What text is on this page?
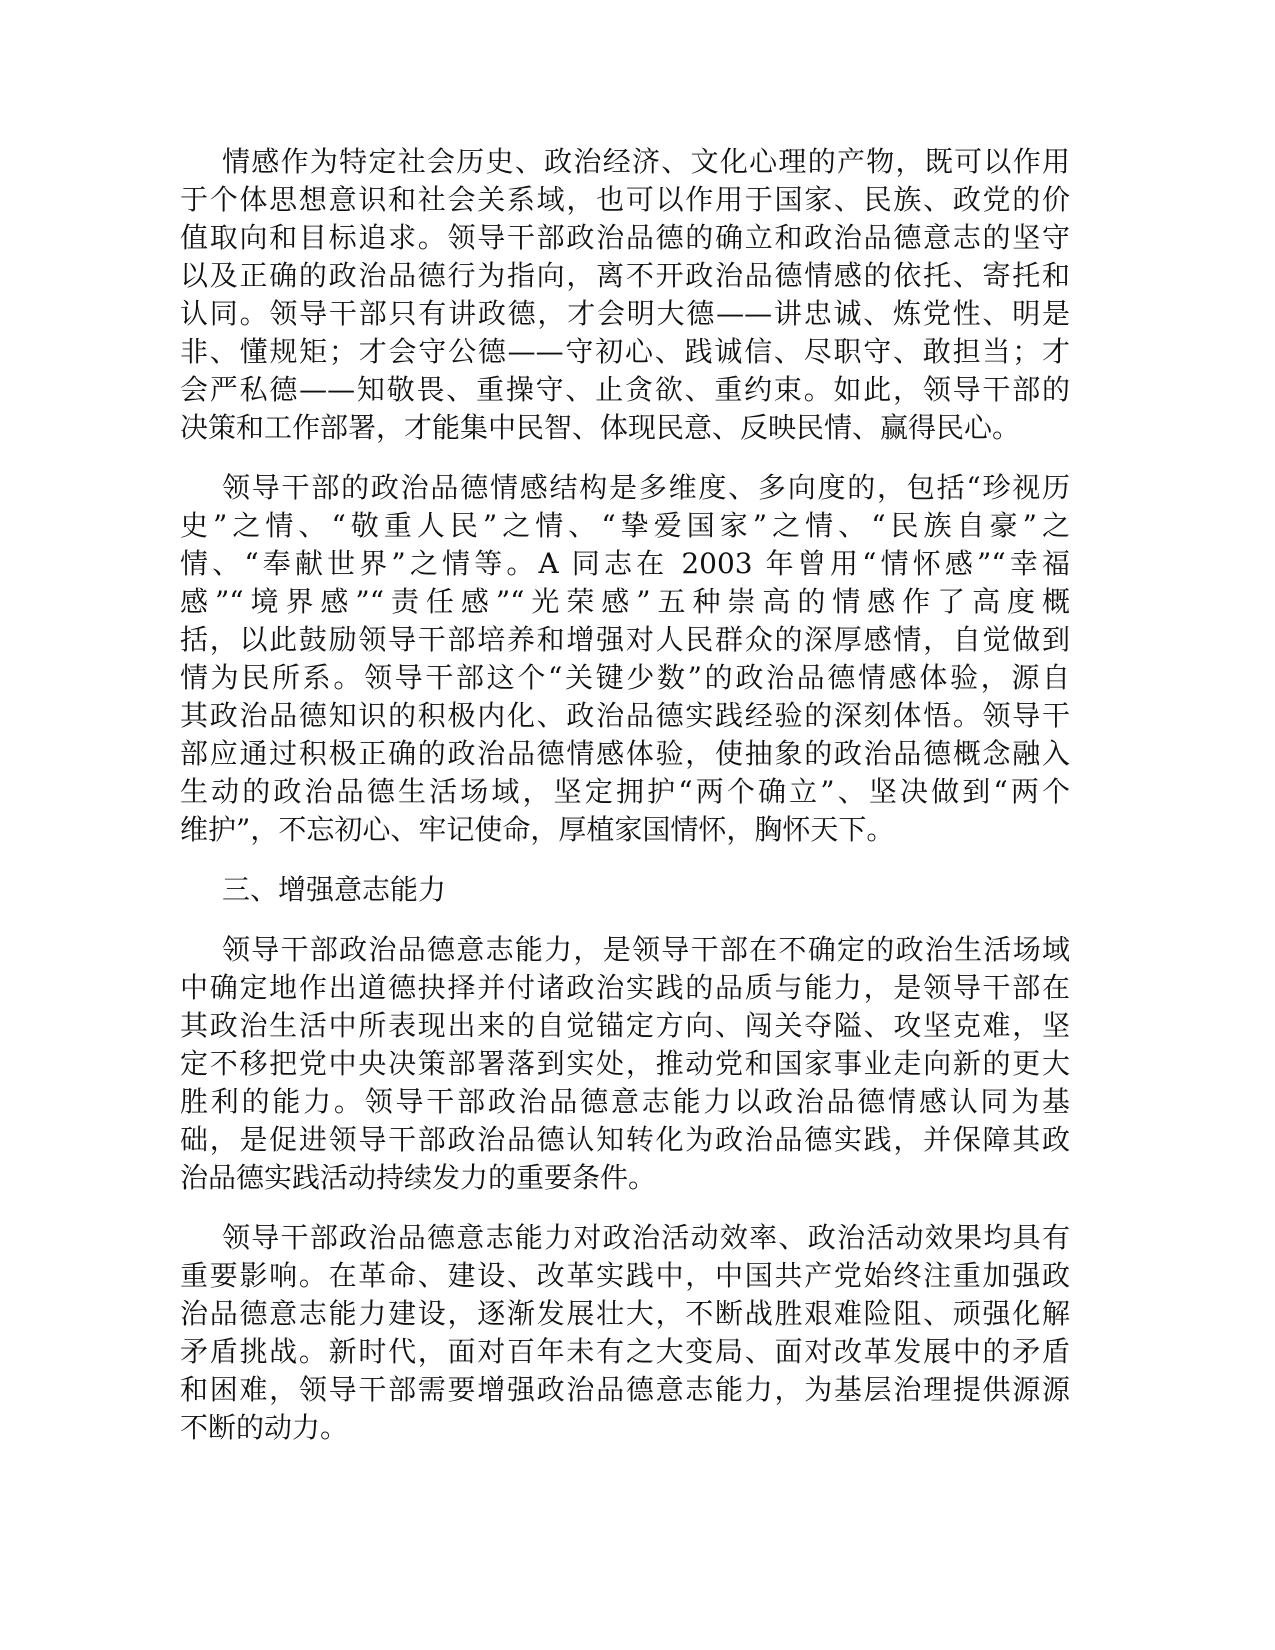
情感作为特定社会历史、政治经济、文化心理的产物，既可以作用
于个体思想意识和社会关系域，也可以作用于国家、民族、政党的价
值取向和目标追求。领导干部政治品德的确立和政治品德意志的坚守
以及正确的政治品德行为指向，离不开政治品德情感的依托、寄托和
认同。领导干部只有讲政德，才会明大德——讲忠诚、炼党性、明是
非、懂规矩；才会守公德——守初心、践诚信、尽职守、敢担当；才
会严私德——知敬畏、重操守、止贪欲、重约束。如此，领导干部的
决策和工作部署，才能集中民智、体现民意、反映民情、赢得民心。
领导干部的政治品德情感结构是多维度、多向度的，包括“珍视历
史”之情、“敬重人民”之情、“挚爱国家”之情、“民族自豪”之
情、“奉献世界”之情等。A 同志在 2003 年曾用“情怀感”“幸福
感”“境界感”“责任感”“光荣感”五种崇高的情感作了高度概
括，以此鼓励领导干部培养和增强对人民群众的深厚感情，自觉做到
情为民所系。领导干部这个“关键少数”的政治品德情感体验，源自
其政治品德知识的积极内化、政治品德实践经验的深刻体悟。领导干
部应通过积极正确的政治品德情感体验，使抽象的政治品德概念融入
生动的政治品德生活场域，坚定拥护“两个确立”、坚决做到“两个
维护”，不忘初心、牢记使命，厚植家国情怀，胸怀天下。

三、增强意志能力

领导干部政治品德意志能力，是领导干部在不确定的政治生活场域
中确定地作出道德抉择并付诸政治实践的品质与能力，是领导干部在
其政治生活中所表现出来的自觉锚定方向、闯关夺隘、攻坚克难，坚
定不移把党中央决策部署落到实处，推动党和国家事业走向新的更大
胜利的能力。领导干部政治品德意志能力以政治品德情感认同为基
础，是促进领导干部政治品德认知转化为政治品德实践，并保障其政
治品德实践活动持续发力的重要条件。
领导干部政治品德意志能力对政治活动效率、政治活动效果均具有
重要影响。在革命、建设、改革实践中，中国共产党始终注重加强政
治品德意志能力建设，逐渐发展壮大，不断战胜艰难险阻、顽强化解
矛盾挑战。新时代，面对百年未有之大变局、面对改革发展中的矛盾
和困难，领导干部需要增强政治品德意志能力，为基层治理提供源源
不断的动力。
